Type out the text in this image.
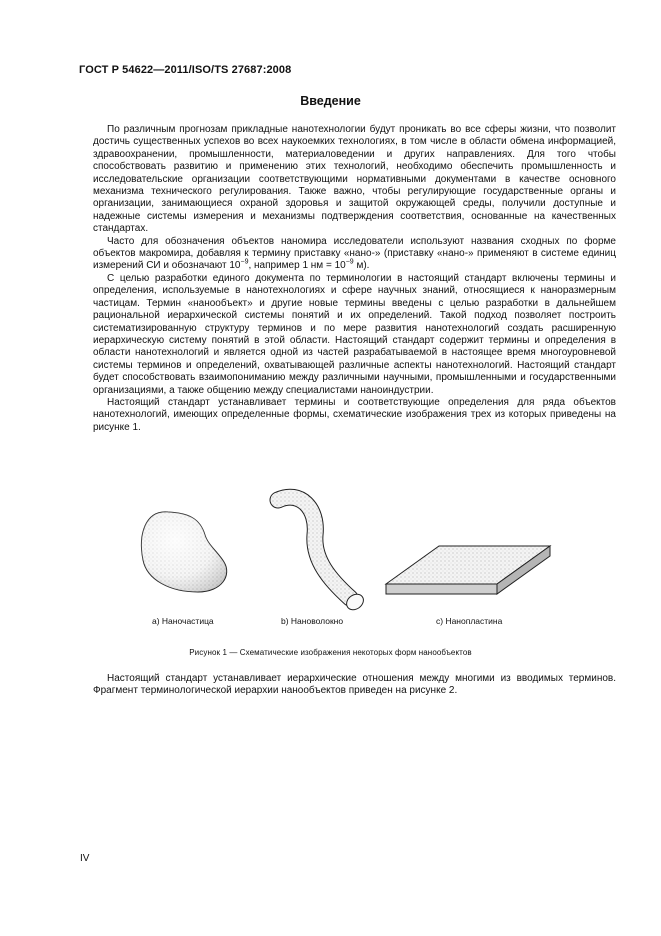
ГОСТ Р 54622—2011/ISO/TS 27687:2008
Введение

По различным прогнозам прикладные нанотехнологии будут проникать во все сферы жизни, что позволит достичь существенных успехов во всех наукоемких технологиях, в том числе в области обмена информацией, здравоохранении, промышленности, материаловедении и других направлениях. Для того чтобы способствовать развитию и применению этих технологий, необходимо обеспечить промышленность и исследовательские организации соответствующими нормативными документами в качестве основного механизма технического регулирования. Также важно, чтобы регулирующие государственные органы и организации, занимающиеся охраной здоровья и защитой окружающей среды, получили доступные и надежные системы измерения и механизмы подтверждения соответствия, основанные на качественных стандартах.

Часто для обозначения объектов наномира исследователи используют названия сходных по форме объектов макромира, добавляя к термину приставку «нано-» (приставку «нано-» применяют в системе единиц измерений СИ и обозначают $10^{-9}$, например 1 нм = $10^{-9}$ м).

С целью разработки единого документа по терминологии в настоящий стандарт включены термины и определения, используемые в нанотехнологиях и сфере научных знаний, относящиеся к наноразмерным частицам. Термин «нанообъект» и другие новые термины введены с целью разработки в дальнейшем рациональной иерархической системы понятий и их определений. Такой подход позволяет построить систематизированную структуру терминов и по мере развития нанотехнологий создать расширенную иерархическую систему понятий в этой области. Настоящий стандарт содержит термины и определения в области нанотехнологий и является одной из частей разрабатываемой в настоящее время многоуровневой системы терминов и определений, охватывающей различные аспекты нанотехнологий. Настоящий стандарт будет способствовать взаимопониманию между различными научными, промышленными и государственными организациями, а также общению между специалистами наноиндустрии.

Настоящий стандарт устанавливает термины и соответствующие определения для ряда объектов нанотехнологий, имеющих определенные формы, схематические изображения трех из которых приведены на рисунке 1.

a) Наночастица	b) Нановолокно	c) Нанопластина
Рисунок 1 — Схематические изображения некоторых форм нанообъектов

Настоящий стандарт устанавливает иерархические отношения между многими из вводимых терминов. Фрагмент терминологической иерархии нанообъектов приведен на рисунке 2.

IV
